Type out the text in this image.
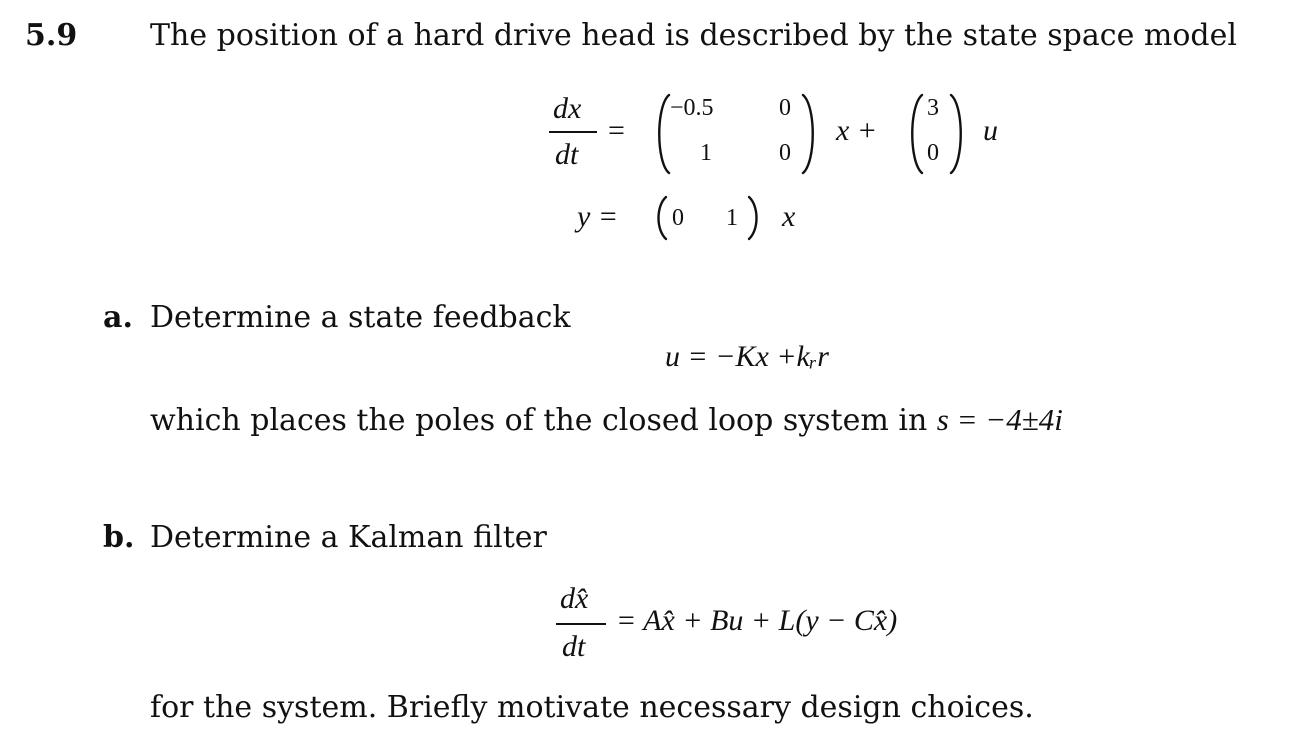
5.9 The position of a hard drive head is described by the state space model
dx
dt
=
−0.5	0
1	0
x +
3
0
u
y = 0 1 x
a. Determine a state feedback
u = −Kx +kᵣr
which places the poles of the closed loop system in s = −4±4i
b. Determine a Kalman filter
dx̂
dt
= Ax̂ + Bu + L(y − Cx̂)
for the system. Briefly motivate necessary design choices.
